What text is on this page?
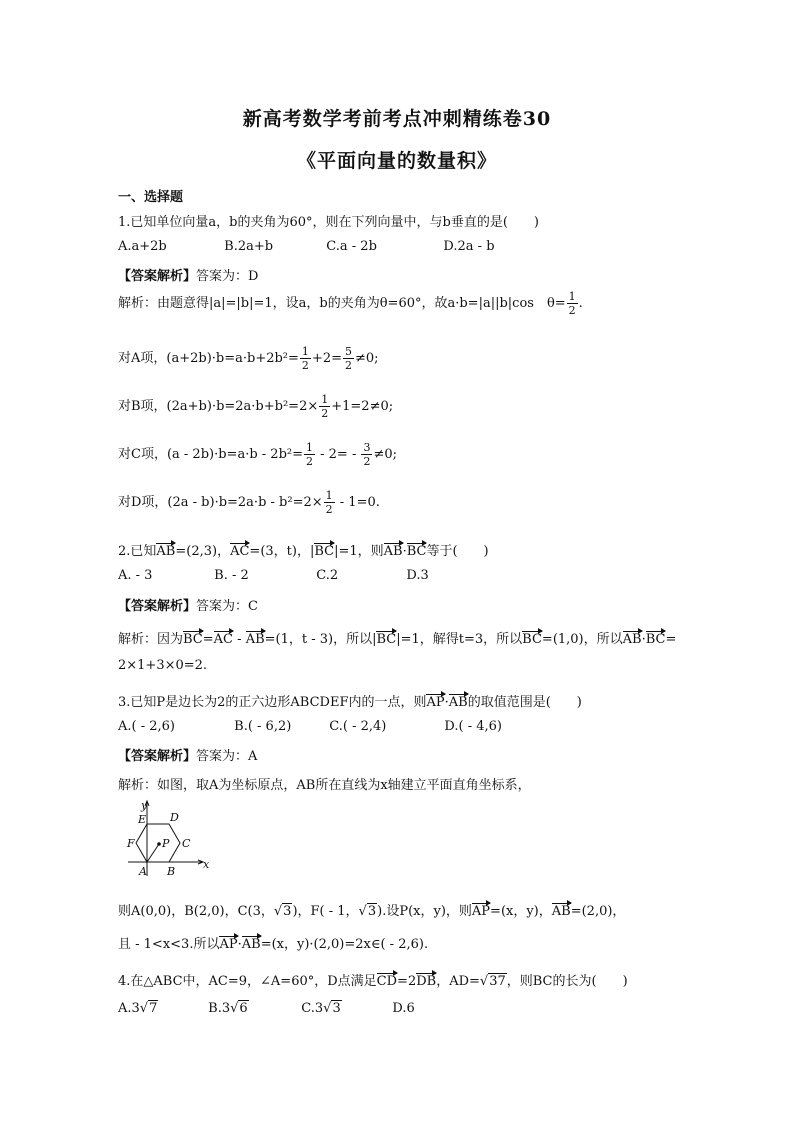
新高考数学考前考点冲刺精练卷30
《平面向量的数量积》
一、选择题
1.已知单位向量a，b的夹角为60°，则在下列向量中，与b垂直的是(　　)
A.a+2b	B.2a+b	C.a - 2b	D.2a - b
【答案解析】答案为：D
解析：由题意得|a|=|b|=1，设a，b的夹角为θ=60°，故a·b=|a||b|cos　$\theta= \frac{1}{2}$ .
对A项，$(a+2b)\cdot b=a\cdot b+2b^2= \frac{1}{2} +2= \frac{5}{2} \ne 0$;
对B项，$(2a+b)\cdot b=2a\cdot b+b^2=2\times \frac{1}{2} +1=2\ne 0$;
对C项，$(a - 2b)\cdot b=a\cdot b - 2b^2= \frac{1}{2} - 2= - \frac{3}{2} \ne 0$;
对D项，$(2a - b)\cdot b=2a\cdot b - b^2=2\times \frac{1}{2} - 1=0$.
2.已知AB=(2,3)，AC=(3，t)，|BC|=1，则AB·BC等于(　　)
A. - 3	B. - 2	C.2	D.3
【答案解析】答案为：C
解析：因为BC=AC - AB=(1，t - 3)，所以|BC|=1，解得t=3，所以BC=(1,0)，所以AB·BC=
2×1+3×0=2.
3.已知P是边长为2的正六边形ABCDEF内的一点，则AP·AB的取值范围是(　　)
A.( - 2,6)	B.( - 6,2)	C.( - 2,4)	D.( - 4,6)
【答案解析】答案为：A
解析：如图，取A为坐标原点，AB所在直线为x轴建立平面直角坐标系，
y
x
E D
F P C
A B
则A(0,0)，B(2,0)，C(3，√3)，F( - 1，√3).设P(x，y)，则AP=(x，y)，AB=(2,0)，
且 - 1<x<3.所以AP·AB=(x，y)·(2,0)=2x∈( - 2,6).
4.在△ABC中，AC=9，∠A=60°，D点满足CD=2DB，AD=√37，则BC的长为(　　)
A.3√7	B.3√6	C.3√3	D.6
